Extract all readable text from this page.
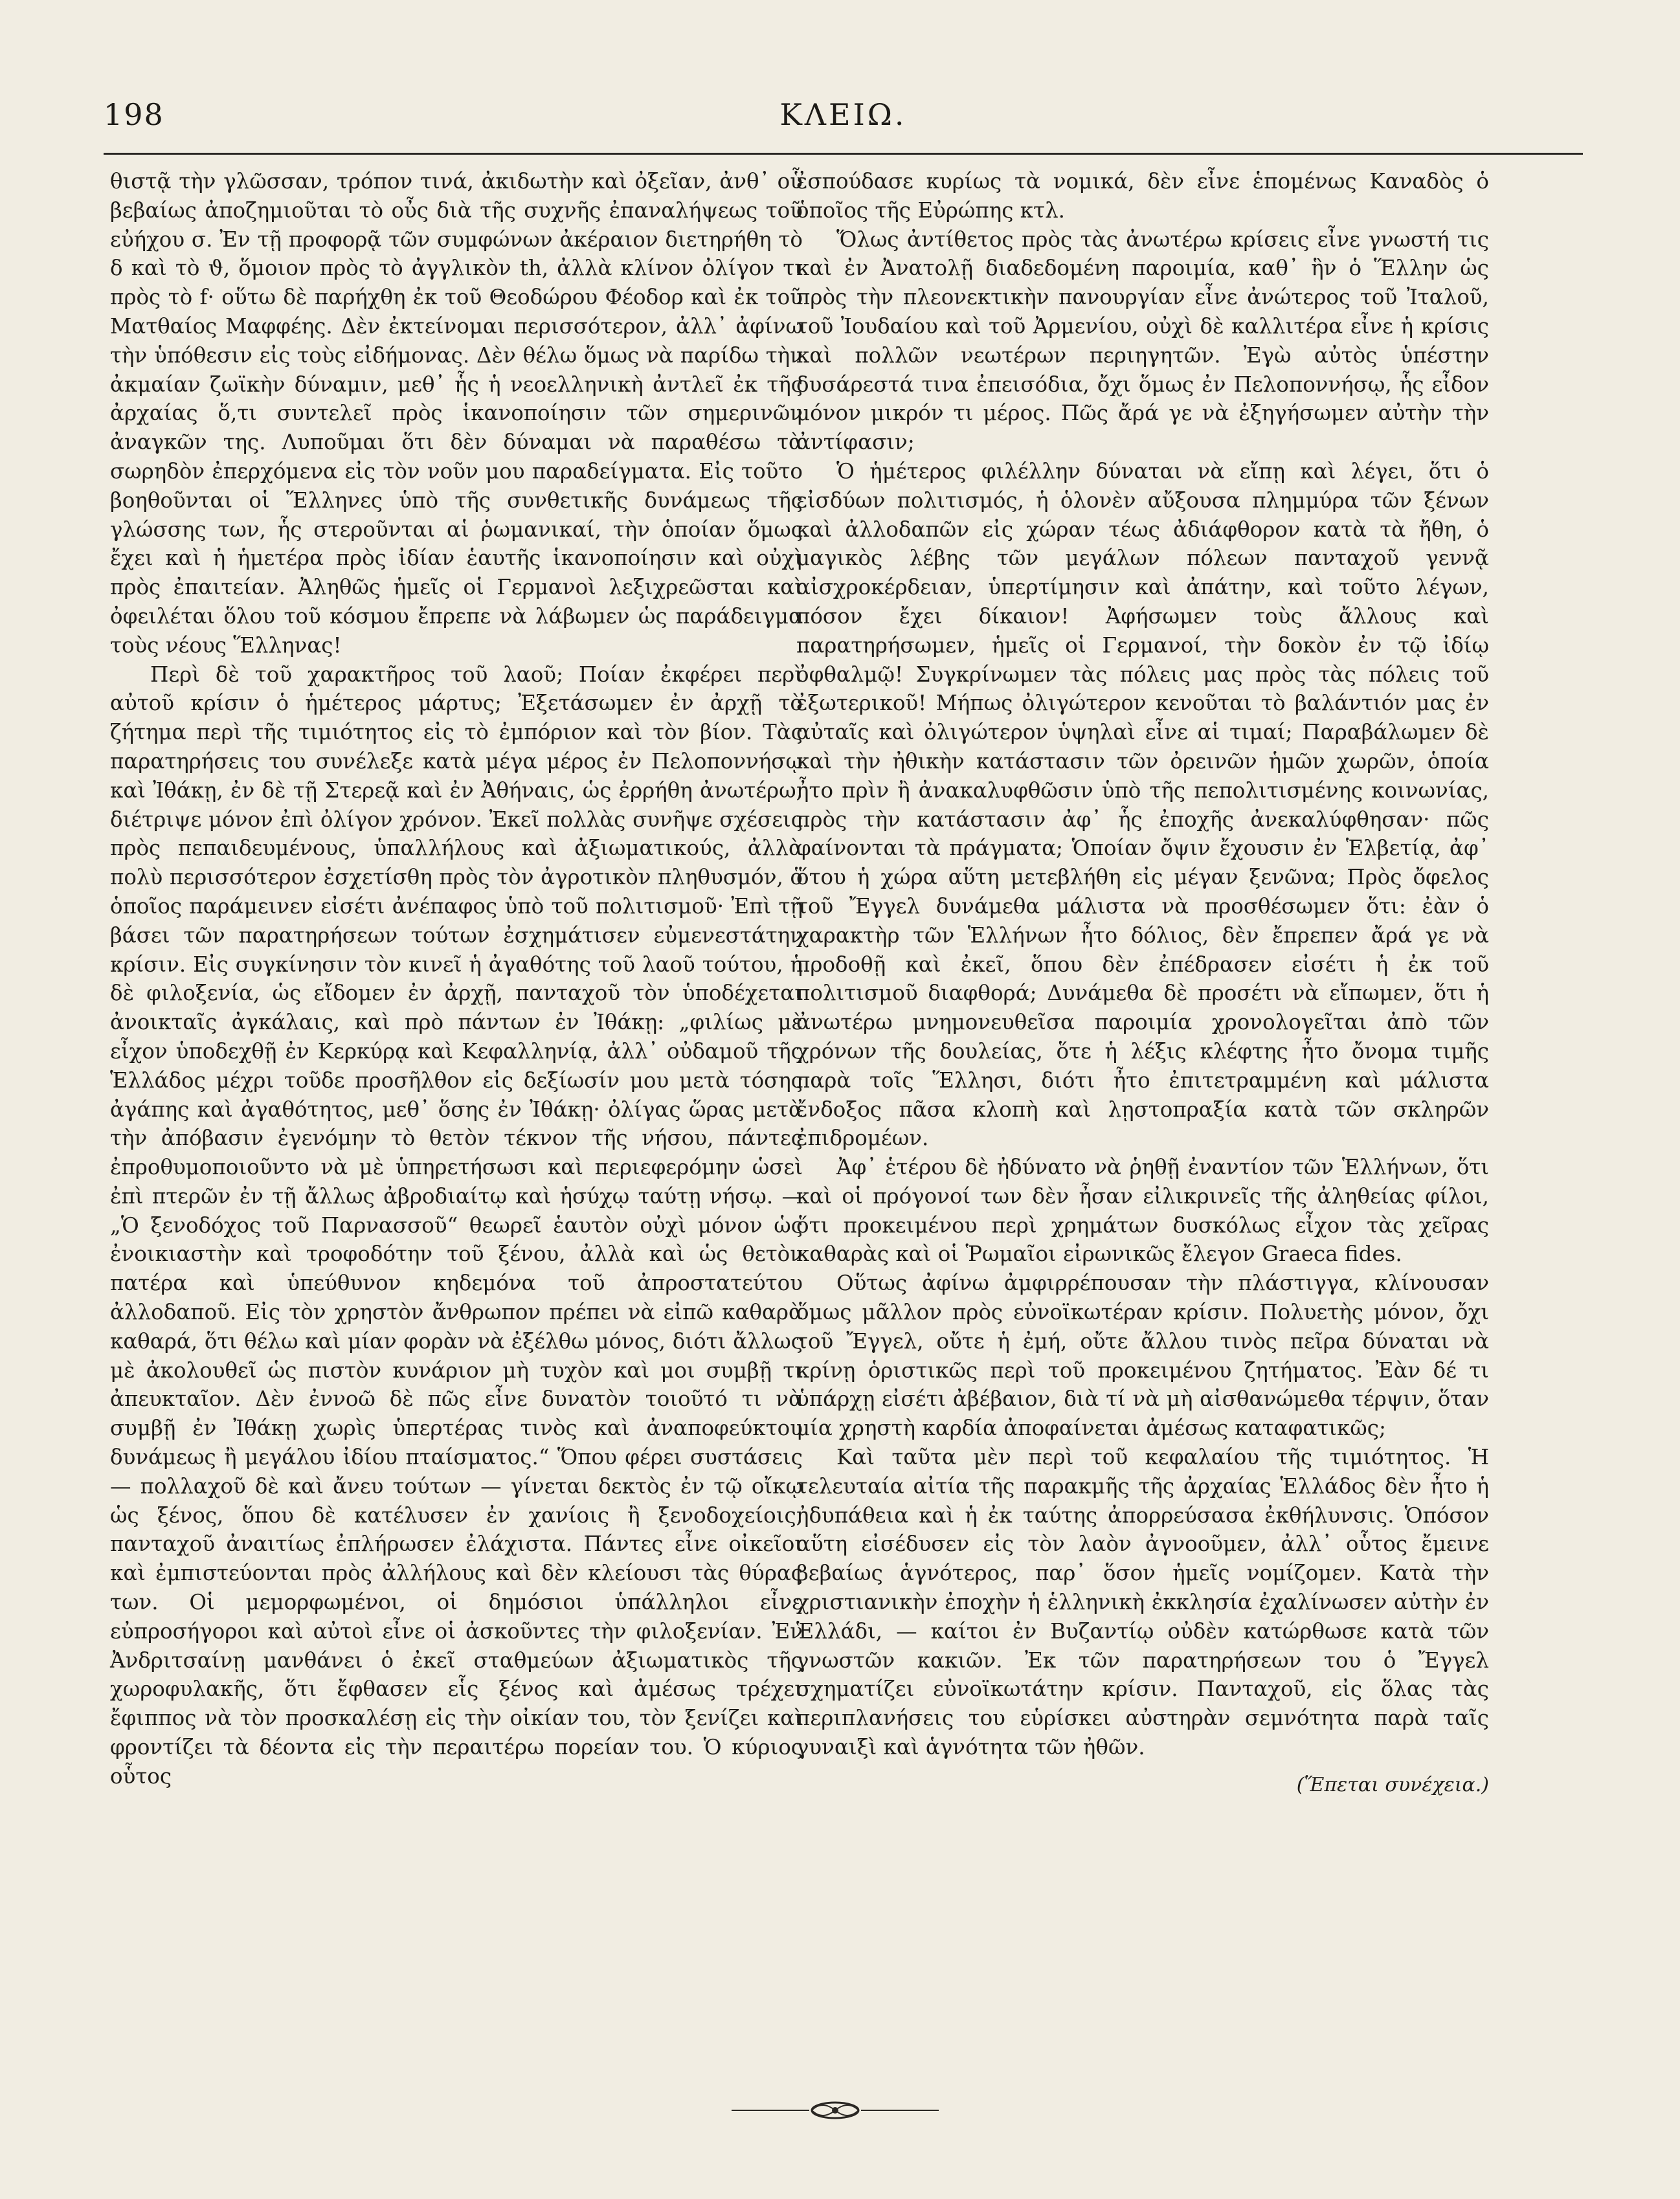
198	ΚΛΕΙΩ.

θιστᾷ τὴν γλῶσσαν, τρόπον τινά, ἀκιδωτὴν καὶ ὀξεῖαν, ἀνθ᾽ οὗ βεβαίως ἀποζημιοῦται τὸ οὖς διὰ τῆς συχνῆς ἐπαναλήψεως τοῦ εὐήχου σ. Ἐν τῇ προφορᾷ τῶν συμφώνων ἀκέραιον διετηρήθη τὸ δ καὶ τὸ ϑ, ὅμοιον πρὸς τὸ ἀγγλικὸν th, ἀλλὰ κλίνον ὀλίγον τι πρὸς τὸ f· οὕτω δὲ παρήχθη ἐκ τοῦ Θεοδώρου Φέοδορ καὶ ἐκ τοῦ Ματθαίος Μαφφέης. Δὲν ἐκτείνομαι περισσότερον, ἀλλ᾽ ἀφίνω τὴν ὑπόθεσιν εἰς τοὺς εἰδήμονας. Δὲν θέλω ὅμως νὰ παρίδω τὴν ἀκμαίαν ζωϊκὴν δύναμιν, μεθ᾽ ἧς ἡ νεοελληνικὴ ἀντλεῖ ἐκ τῆς ἀρχαίας ὅ,τι συντελεῖ πρὸς ἱκανοποίησιν τῶν σημερινῶν ἀναγκῶν της. Λυποῦμαι ὅτι δὲν δύναμαι νὰ παραθέσω τὰ σωρηδὸν ἐπερχόμενα εἰς τὸν νοῦν μου παραδείγματα. Εἰς τοῦτο βοηθοῦνται οἱ Ἕλληνες ὑπὸ τῆς συνθετικῆς δυνάμεως τῆς γλώσσης των, ἧς στεροῦνται αἱ ῥωμανικαί, τὴν ὁποίαν ὅμως ἔχει καὶ ἡ ἡμετέρα πρὸς ἰδίαν ἑαυτῆς ἱκανοποίησιν καὶ οὐχὶ πρὸς ἐπαιτείαν. Ἀληθῶς ἡμεῖς οἱ Γερμανοὶ λεξιχρεῶσται καὶ ὀφειλέται ὅλου τοῦ κόσμου ἔπρεπε νὰ λάβωμεν ὡς παράδειγμα τοὺς νέους Ἕλληνας!

Περὶ δὲ τοῦ χαρακτῆρος τοῦ λαοῦ; Ποίαν ἐκφέρει περὶ αὐτοῦ κρίσιν ὁ ἡμέτερος μάρτυς; Ἐξετάσωμεν ἐν ἀρχῇ τὸ ζήτημα περὶ τῆς τιμιότητος εἰς τὸ ἐμπόριον καὶ τὸν βίον. Τὰς παρατηρήσεις του συνέλεξε κατὰ μέγα μέρος ἐν Πελοποννήσῳ καὶ Ἰθάκῃ, ἐν δὲ τῇ Στερεᾷ καὶ ἐν Ἀθήναις, ὡς ἐρρήθη ἀνωτέρω, διέτριψε μόνον ἐπὶ ὀλίγον χρόνον. Ἐκεῖ πολλὰς συνῆψε σχέσεις πρὸς πεπαιδευμένους, ὑπαλλήλους καὶ ἀξιωματικούς, ἀλλὰ πολὺ περισσότερον ἐσχετίσθη πρὸς τὸν ἀγροτικὸν πληθυσμόν, ὁ ὁποῖος παράμεινεν εἰσέτι ἀνέπαφος ὑπὸ τοῦ πολιτισμοῦ· Ἐπὶ τῇ βάσει τῶν παρατηρήσεων τούτων ἐσχημάτισεν εὐμενεστάτην κρίσιν. Εἰς συγκίνησιν τὸν κινεῖ ἡ ἀγαθότης τοῦ λαοῦ τούτου, ἡ δὲ φιλοξενία, ὡς εἴδομεν ἐν ἀρχῇ, πανταχοῦ τὸν ὑποδέχεται ἀνοικταῖς ἀγκάλαις, καὶ πρὸ πάντων ἐν Ἰθάκῃ: „φιλίως μὲ εἶχον ὑποδεχθῇ ἐν Κερκύρᾳ καὶ Κεφαλληνίᾳ, ἀλλ᾽ οὐδαμοῦ τῆς Ἑλλάδος μέχρι τοῦδε προσῆλθον εἰς δεξίωσίν μου μετὰ τόσης ἀγάπης καὶ ἀγαθότητος, μεθ᾽ ὅσης ἐν Ἰθάκῃ· ὀλίγας ὥρας μετὰ τὴν ἀπόβασιν ἐγενόμην τὸ θετὸν τέκνον τῆς νήσου, πάντες ἐπροθυμοποιοῦντο νὰ μὲ ὑπηρετήσωσι καὶ περιεφερόμην ὡσεὶ ἐπὶ πτερῶν ἐν τῇ ἄλλως ἀβροδιαίτῳ καὶ ἡσύχῳ ταύτῃ νήσῳ. — „Ὁ ξενοδόχος τοῦ Παρνασσοῦ“ θεωρεῖ ἑαυτὸν οὐχὶ μόνον ὡς ἐνοικιαστὴν καὶ τροφοδότην τοῦ ξένου, ἀλλὰ καὶ ὡς θετὸν πατέρα καὶ ὑπεύθυνον κηδεμόνα τοῦ ἀπροστατεύτου ἀλλοδαποῦ. Εἰς τὸν χρηστὸν ἄνθρωπον πρέπει νὰ εἰπῶ καθαρὰ καθαρά, ὅτι θέλω καὶ μίαν φορὰν νὰ ἐξέλθω μόνος, διότι ἄλλως μὲ ἀκολουθεῖ ὡς πιστὸν κυνάριον μὴ τυχὸν καὶ μοι συμβῇ τι ἀπευκταῖον. Δὲν ἐννοῶ δὲ πῶς εἶνε δυνατὸν τοιοῦτό τι νὰ συμβῇ ἐν Ἰθάκῃ χωρὶς ὑπερτέρας τινὸς καὶ ἀναποφεύκτου δυνάμεως ἢ μεγάλου ἰδίου πταίσματος.“ Ὅπου φέρει συστάσεις — πολλαχοῦ δὲ καὶ ἄνευ τούτων — γίνεται δεκτὸς ἐν τῷ οἴκῳ ὡς ξένος, ὅπου δὲ κατέλυσεν ἐν χανίοις ἢ ξενοδοχείοις, πανταχοῦ ἀναιτίως ἐπλήρωσεν ἐλάχιστα. Πάντες εἶνε οἰκεῖοι καὶ ἐμπιστεύονται πρὸς ἀλλήλους καὶ δὲν κλείουσι τὰς θύρας των. Οἱ μεμορφωμένοι, οἱ δημόσιοι ὑπάλληλοι εἶνε εὐπροσήγοροι καὶ αὐτοὶ εἶνε οἱ ἀσκοῦντες τὴν φιλοξενίαν. Ἐν Ἀνδριτσαίνῃ μανθάνει ὁ ἐκεῖ σταθμεύων ἀξιωματικὸς τῆς χωροφυλακῆς, ὅτι ἔφθασεν εἷς ξένος καὶ ἀμέσως τρέχει ἔφιππος νὰ τὸν προσκαλέσῃ εἰς τὴν οἰκίαν του, τὸν ξενίζει καὶ φροντίζει τὰ δέοντα εἰς τὴν περαιτέρω πορείαν του. Ὁ κύριος οὗτος

ἐσπούδασε κυρίως τὰ νομικά, δὲν εἶνε ἑπομένως Καναδὸς ὁ ὁποῖος τῆς Εὐρώπης κτλ.

Ὅλως ἀντίθετος πρὸς τὰς ἀνωτέρω κρίσεις εἶνε γνωστή τις καὶ ἐν Ἀνατολῇ διαδεδομένη παροιμία, καθ᾽ ἣν ὁ Ἕλλην ὡς πρὸς τὴν πλεονεκτικὴν πανουργίαν εἶνε ἀνώτερος τοῦ Ἰταλοῦ, τοῦ Ἰουδαίου καὶ τοῦ Ἀρμενίου, οὐχὶ δὲ καλλιτέρα εἶνε ἡ κρίσις καὶ πολλῶν νεωτέρων περιηγητῶν. Ἐγὼ αὐτὸς ὑπέστην δυσάρεστά τινα ἐπεισόδια, ὄχι ὅμως ἐν Πελοποννήσῳ, ἧς εἶδον μόνον μικρόν τι μέρος. Πῶς ἄρά γε νὰ ἐξηγήσωμεν αὐτὴν τὴν ἀντίφασιν;

Ὁ ἡμέτερος φιλέλλην δύναται νὰ εἴπῃ καὶ λέγει, ὅτι ὁ εἰσδύων πολιτισμός, ἡ ὁλονὲν αὔξουσα πλημμύρα τῶν ξένων καὶ ἀλλοδαπῶν εἰς χώραν τέως ἀδιάφθορον κατὰ τὰ ἤθη, ὁ μαγικὸς λέβης τῶν μεγάλων πόλεων πανταχοῦ γεννᾷ αἰσχροκέρδειαν, ὑπερτίμησιν καὶ ἀπάτην, καὶ τοῦτο λέγων, πόσον ἔχει δίκαιον! Ἀφήσωμεν τοὺς ἄλλους καὶ παρατηρήσωμεν, ἡμεῖς οἱ Γερμανοί, τὴν δοκὸν ἐν τῷ ἰδίῳ ὀφθαλμῷ! Συγκρίνωμεν τὰς πόλεις μας πρὸς τὰς πόλεις τοῦ ἐξωτερικοῦ! Μήπως ὀλιγώτερον κενοῦται τὸ βαλάντιόν μας ἐν αὐταῖς καὶ ὀλιγώτερον ὑψηλαὶ εἶνε αἱ τιμαί; Παραβάλωμεν δὲ καὶ τὴν ἠθικὴν κατάστασιν τῶν ὀρεινῶν ἡμῶν χωρῶν, ὁποία ἦτο πρὶν ἢ ἀνακαλυφθῶσιν ὑπὸ τῆς πεπολιτισμένης κοινωνίας, πρὸς τὴν κατάστασιν ἀφ᾽ ἧς ἐποχῆς ἀνεκαλύφθησαν· πῶς φαίνονται τὰ πράγματα; Ὁποίαν ὄψιν ἔχουσιν ἐν Ἑλβετίᾳ, ἀφ᾽ ὅτου ἡ χώρα αὕτη μετεβλήθη εἰς μέγαν ξενῶνα; Πρὸς ὄφελος τοῦ Ἔγγελ δυνάμεθα μάλιστα νὰ προσθέσωμεν ὅτι: ἐὰν ὁ χαρακτὴρ τῶν Ἑλλήνων ἦτο δόλιος, δὲν ἔπρεπεν ἄρά γε νὰ προδοθῇ καὶ ἐκεῖ, ὅπου δὲν ἐπέδρασεν εἰσέτι ἡ ἐκ τοῦ πολιτισμοῦ διαφθορά; Δυνάμεθα δὲ προσέτι νὰ εἴπωμεν, ὅτι ἡ ἀνωτέρω μνημονευθεῖσα παροιμία χρονολογεῖται ἀπὸ τῶν χρόνων τῆς δουλείας, ὅτε ἡ λέξις κλέφτης ἦτο ὄνομα τιμῆς παρὰ τοῖς Ἕλλησι, διότι ἦτο ἐπιτετραμμένη καὶ μάλιστα ἔνδοξος πᾶσα κλοπὴ καὶ λῃστοπραξία κατὰ τῶν σκληρῶν ἐπιδρομέων.

Ἀφ᾽ ἑτέρου δὲ ἠδύνατο νὰ ῥηθῇ ἐναντίον τῶν Ἑλλήνων, ὅτι καὶ οἱ πρόγονοί των δὲν ἦσαν εἰλικρινεῖς τῆς ἀληθείας φίλοι, ὅτι προκειμένου περὶ χρημάτων δυσκόλως εἶχον τὰς χεῖρας καθαρὰς καὶ οἱ Ῥωμαῖοι εἰρωνικῶς ἔλεγον Graeca fides.

Οὕτως ἀφίνω ἀμφιρρέπουσαν τὴν πλάστιγγα, κλίνουσαν ὅμως μᾶλλον πρὸς εὐνοϊκωτέραν κρίσιν. Πολυετὴς μόνον, ὄχι τοῦ Ἔγγελ, οὔτε ἡ ἐμή, οὔτε ἄλλου τινὸς πεῖρα δύναται νὰ κρίνῃ ὁριστικῶς περὶ τοῦ προκειμένου ζητήματος. Ἐὰν δέ τι ὑπάρχῃ εἰσέτι ἀβέβαιον, διὰ τί νὰ μὴ αἰσθανώμεθα τέρψιν, ὅταν μία χρηστὴ καρδία ἀποφαίνεται ἀμέσως καταφατικῶς;

Καὶ ταῦτα μὲν περὶ τοῦ κεφαλαίου τῆς τιμιότητος. Ἡ τελευταία αἰτία τῆς παρακμῆς τῆς ἀρχαίας Ἑλλάδος δὲν ἦτο ἡ ἠδυπάθεια καὶ ἡ ἐκ ταύτης ἀπορρεύσασα ἐκθήλυνσις. Ὁπόσον αὕτη εἰσέδυσεν εἰς τὸν λαὸν ἀγνοοῦμεν, ἀλλ᾽ οὗτος ἔμεινε βεβαίως ἁγνότερος, παρ᾽ ὅσον ἡμεῖς νομίζομεν. Κατὰ τὴν χριστιανικὴν ἐποχὴν ἡ ἑλληνικὴ ἐκκλησία ἐχαλίνωσεν αὐτὴν ἐν Ἑλλάδι, — καίτοι ἐν Βυζαντίῳ οὐδὲν κατώρθωσε κατὰ τῶν γνωστῶν κακιῶν. Ἐκ τῶν παρατηρήσεων του ὁ Ἔγγελ σχηματίζει εὐνοϊκωτάτην κρίσιν. Πανταχοῦ, εἰς ὅλας τὰς περιπλανήσεις του εὑρίσκει αὐστηρὰν σεμνότητα παρὰ ταῖς γυναιξὶ καὶ ἁγνότητα τῶν ἠθῶν.

(Ἕπεται συνέχεια.)
